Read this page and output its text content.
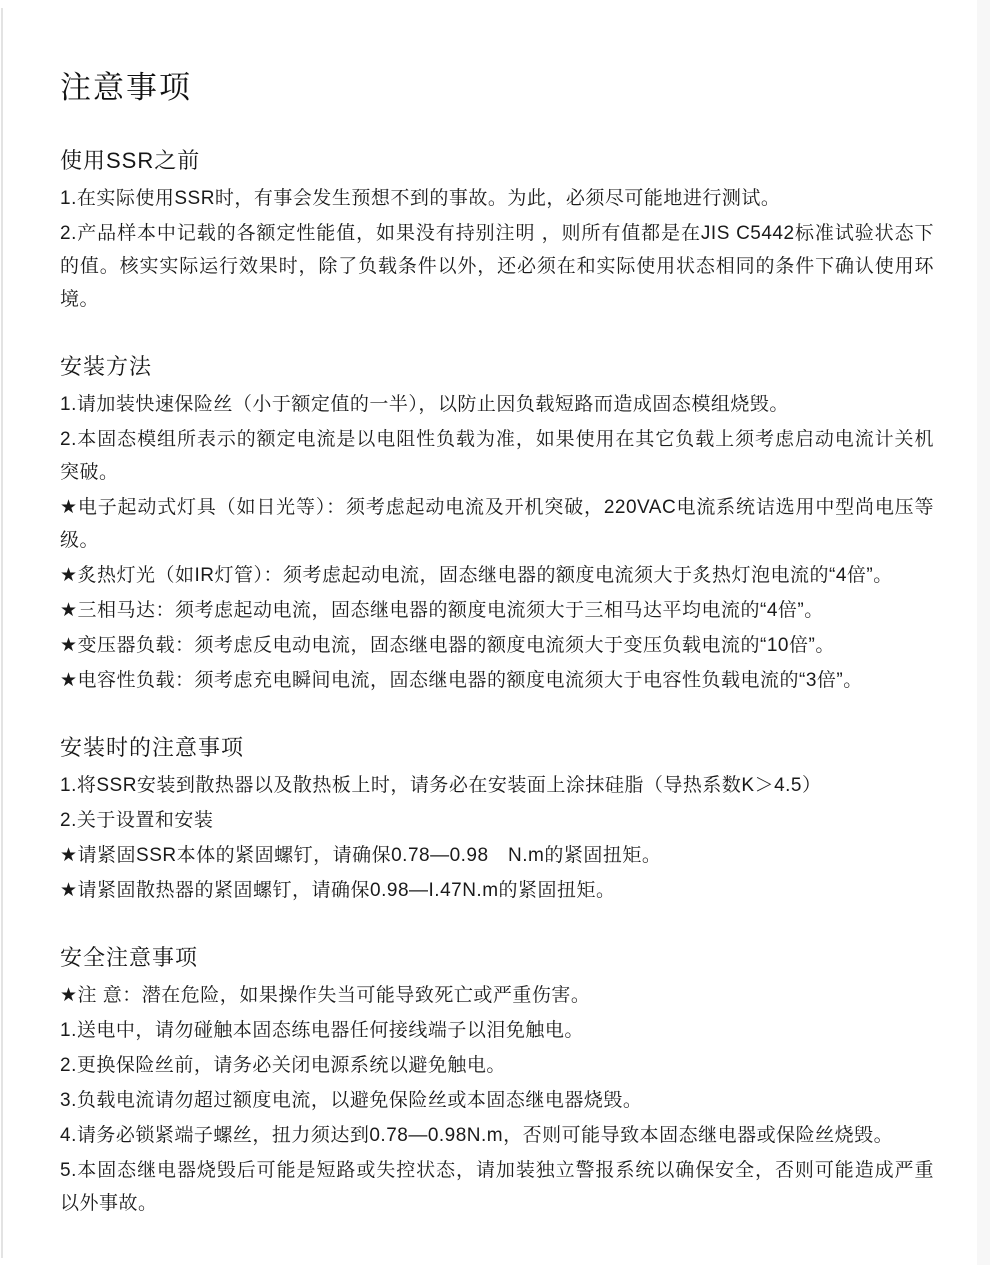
注意事项
使用SSR之前

1.在实际使用SSR时，有事会发生预想不到的事故。为此，必须尽可能地进行测试。

2.产品样本中记载的各额定性能值，如果没有持别注明 ，则所有值都是在JIS C5442标准试验状态下的值。核实实际运行效果时，除了负载条件以外，还必须在和实际使用状态相同的条件下确认使用环境。

安装方法

1.请加装快速保险丝（小于额定值的一半），以防止因负载短路而造成固态模组烧毁。

2.本固态模组所表示的额定电流是以电阻性负载为准，如果使用在其它负载上须考虑启动电流计关机突破。

★电子起动式灯具（如日光等）：须考虑起动电流及开机突破，220VAC电流系统诘选用中型尚电压等级。

★炙热灯光（如IR灯管）：须考虑起动电流，固态继电器的额度电流须大于炙热灯泡电流的“4倍”。

★三相马达：须考虑起动电流，固态继电器的额度电流须大于三相马达平均电流的“4倍”。

★变压器负载：须考虑反电动电流，固态继电器的额度电流须大于变压负载电流的“10倍”。

★电容性负载：须考虑充电瞬间电流，固态继电器的额度电流须大于电容性负载电流的“3倍”。

安装时的注意事项

1.将SSR安装到散热器以及散热板上时，请务必在安装面上涂抹硅脂（导热系数K＞4.5）

2.关于设置和安装

★请紧固SSR本体的紧固螺钉，请确保0.78—0.98　N.m的紧固扭矩。

★请紧固散热器的紧固螺钉，请确保0.98—I.47N.m的紧固扭矩。

安全注意事项

★注 意：潜在危险，如果操作失当可能导致死亡或严重伤害。

1.送电中，请勿碰触本固态练电器任何接线端子以泪免触电。

2.更换保险丝前，请务必关闭电源系统以避免触电。

3.负载电流请勿超过额度电流，以避免保险丝或本固态继电器烧毁。

4.请务必锁紧端子螺丝，扭力须达到0.78—0.98N.m，否则可能导致本固态继电器或保险丝烧毁。

5.本固态继电器烧毁后可能是短路或失控状态，请加装独立警报系统以确保安全，否则可能造成严重以外事故。
